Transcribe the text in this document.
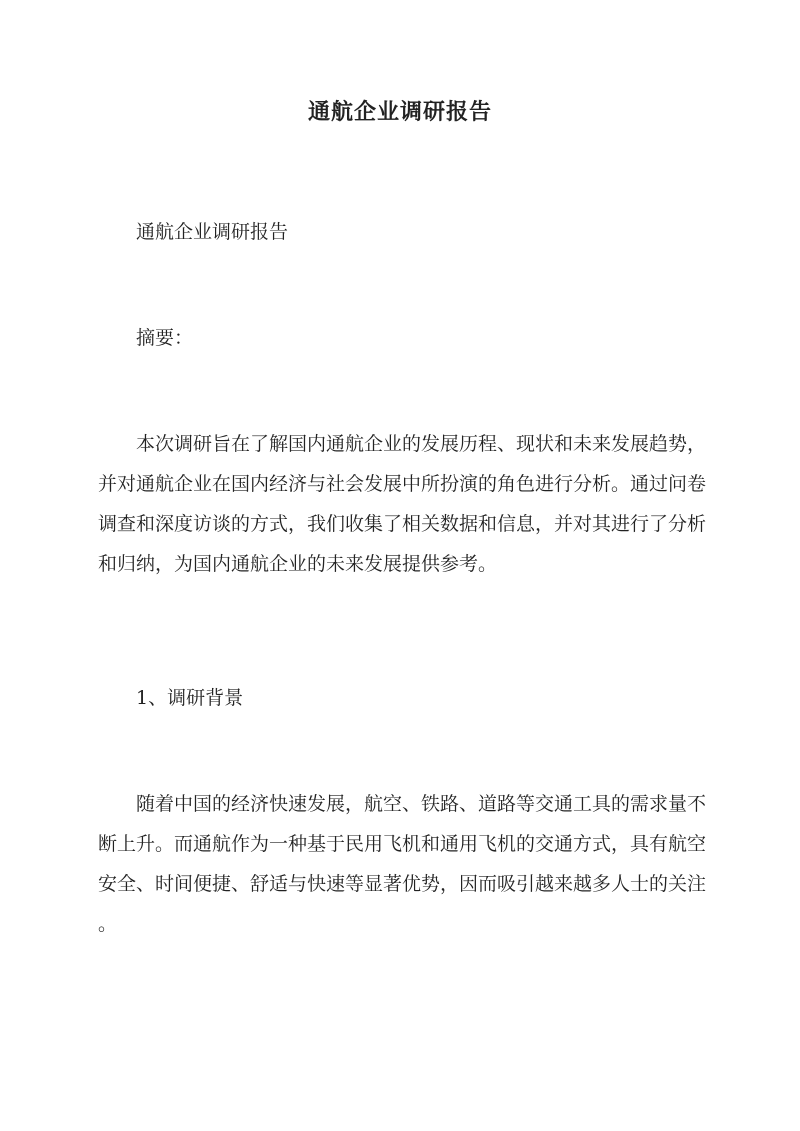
通航企业调研报告

通航企业调研报告

摘要：

本次调研旨在了解国内通航企业的发展历程、现状和未来发展趋势，
并对通航企业在国内经济与社会发展中所扮演的角色进行分析。通过问卷
调查和深度访谈的方式，我们收集了相关数据和信息，并对其进行了分析
和归纳，为国内通航企业的未来发展提供参考。

1、调研背景

随着中国的经济快速发展，航空、铁路、道路等交通工具的需求量不
断上升。而通航作为一种基于民用飞机和通用飞机的交通方式，具有航空
安全、时间便捷、舒适与快速等显著优势，因而吸引越来越多人士的关注
。
